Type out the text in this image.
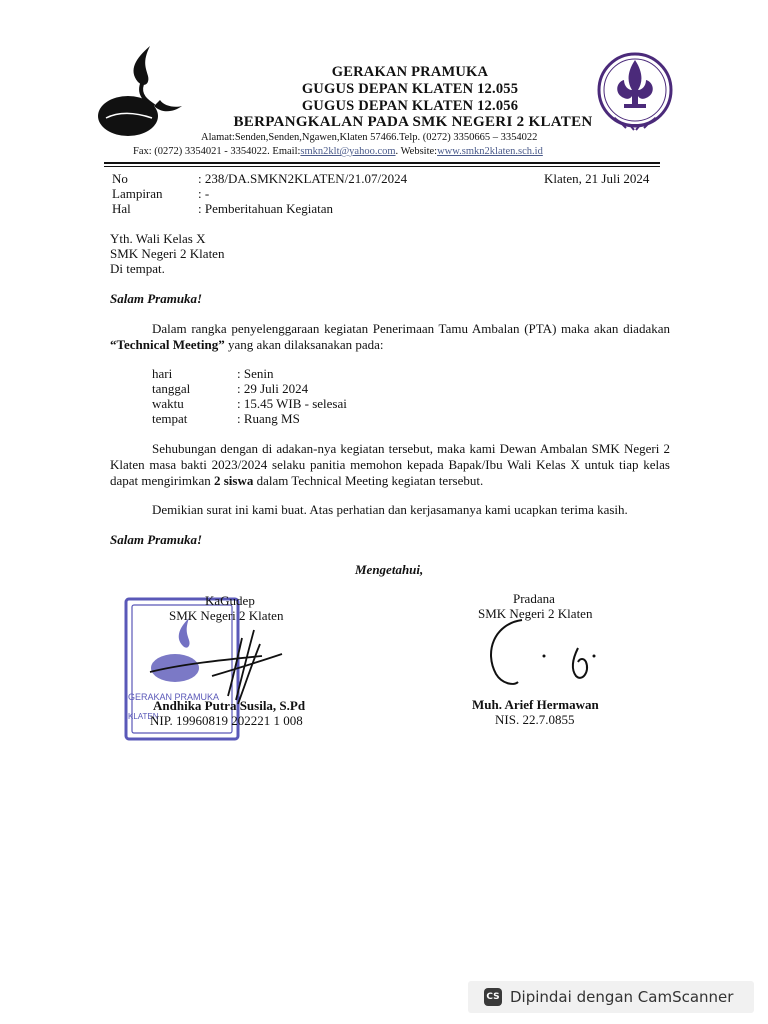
GERAKAN PRAMUKA
GUGUS DEPAN KLATEN 12.055
GUGUS DEPAN KLATEN 12.056
BERPANGKALAN PADA SMK NEGERI 2 KLATEN
Alamat:Senden,Senden,Ngawen,Klaten 57466.Telp. (0272) 3350665 – 3354022
Fax: (0272) 3354021 - 3354022. Email:smkn2klt@yahoo.com. Website:www.smkn2klaten.sch.id
No	: 238/DA.SMKN2KLATEN/21.07/2024	Klaten, 21 Juli 2024
Lampiran	: -
Hal	: Pemberitahuan Kegiatan
Yth. Wali Kelas X
SMK Negeri 2 Klaten
Di tempat.
Salam Pramuka!
Dalam rangka penyelenggaraan kegiatan Penerimaan Tamu Ambalan (PTA) maka akan diadakan “Technical Meeting” yang akan dilaksanakan pada:
hari	: Senin
tanggal	: 29 Juli 2024
waktu	: 15.45 WIB - selesai
tempat	: Ruang MS
Sehubungan dengan di adakan-nya kegiatan tersebut, maka kami Dewan Ambalan SMK Negeri 2 Klaten masa bakti 2023/2024 selaku panitia memohon kepada Bapak/Ibu Wali Kelas X untuk tiap kelas dapat mengirimkan 2 siswa dalam Technical Meeting kegiatan tersebut.
Demikian surat ini kami buat. Atas perhatian dan kerjasamanya kami ucapkan terima kasih.
Salam Pramuka!
Mengetahui,
GERAKAN PRAMUKA
KLATEN
KaGudep
SMK Negeri 2 Klaten
Andhika Putra Susila, S.Pd
NIP. 19960819 202221 1 008
Pradana
SMK Negeri 2 Klaten
Muh. Arief Hermawan
NIS. 22.7.0855
CS Dipindai dengan CamScanner
